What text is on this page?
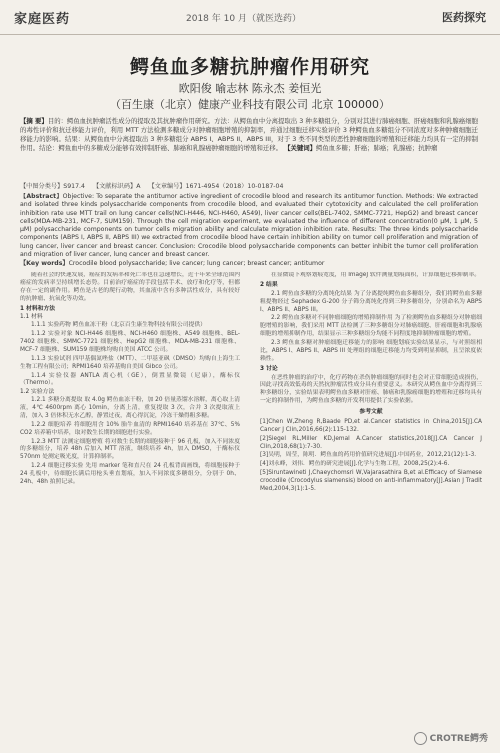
家庭医药	2018 年 10 月（就医选药）	医药探究
鳄鱼血多糖抗肿瘤作用研究
欧阳俊 喻志林 陈永杰 姜恒光
（百生康（北京）健康产业科技有限公司 北京 100000）
【摘 要】目的：鳄鱼血抗肿瘤活性成分的提取及其抗肿瘤作用研究。方法：从鳄鱼血中分离提取出 3 种多糖组分，分别对其进行肺癌细胞、肝癌细胞和乳腺癌细胞的毒性评价和抗迁移能力评价，利用 MTT 方法检测多糖成分对肿瘤细胞增殖的抑制率，并通过细胞迁移实验评价 3 种鳄鱼血多糖组分不同浓度对多种肿瘤细胞迁移能力的影响。结果：从鳄鱼血中分离提取出 3 种多糖组分 ABPS I、ABPS II、ABPS III，对于 3 类不同类型的恶性肿瘤细胞的增殖和迁移能力均具有一定的抑制作用。结论：鳄鱼血中的多糖成分能够有效抑制肝癌、肺癌和乳腺癌肿瘤细胞的增殖和迁移。 【关键词】鳄鱼血多糖；肝癌；肺癌；乳腺癌；抗肿瘤
【中图分类号】S917.4 【文献标识码】A 【文章编号】1671-4954（2018）10-0187-04
【Abstract】Objective: To separate the antitumor active ingredient of crocodile blood and research its antitumor function. Methods: We extracted and isolated three kinds polysaccharide components from crocodile blood, and evaluated their cytotoxicity and calculated the cell proliferation inhibition rate use MTT trail on lung cancer cells(NCI-H446, NCI-H460, A549), liver cancer cells(BEL-7402, SMMC-7721, HepG2) and breast cancer cells(MDA-MB-231, MCF-7, SUM159). Through the cell migration experiment, we evaluated the influence of different concentration(0 μM, 1 μM, 5 μM) polysaccharide components on tumor cells migration ability and calculate migration inhibition rate. Results: The three kinds polysaccharide components (ABPS I, ABPS II, ABPS III) we extracted from crocodile blood have certain inhibition ability on tumor cell proliferation and migration of lung cancer, liver cancer and breast cancer. Conclusion: Crocodile blood polysaccharide components can better inhibit the tumor cell proliferation and migration of liver cancer, lung cancer and breast cancer.
【Key words】Crocodile blood polysaccharide; live cancer; lung cancer; breast cancer; antitumor

随着社会的快速发展，癌症的发病率和死亡率也在急速增长，近十年来全球范围内癌症的发病率呈持续增长态势。目前治疗癌症的手段包括手术、放疗和化疗等，但都存在一定的副作用。鳄鱼是古老的爬行动物，其血液中含有多种活性成分，具有较好的抗肿瘤、抗氧化等功效。

1 材料和方法
1.1 材料

1.1.1 实验药物 鳄鱼血冻干粉（北京百生康生物科技有限公司提供）

1.1.2 实验对象 NCI-H446 细胞株、NCI-H460 细胞株、A549 细胞株、BEL-7402 细胞株、SMMC-7721 细胞株、HepG2 细胞株、MDA-MB-231 细胞株、MCF-7 细胞株、SUM159 细胞株均购自美国 ATCC 公司。

1.1.3 实验试剂 四甲基偶氮唑盐（MTT）、二甲基亚砜（DMSO）均购自上海生工生物工程有限公司；RPMI1640 培养基购自美国 Gibco 公司。

1.1.4 实验仪器 ANTLA 离心机（GE），倒置显微镜（尼康），酶标仪（Thermo）。

1.2 实验方法

1.2.1 多糖分离提取 取 4.0g 鳄鱼血冻干粉，加 20 倍量蒸馏水溶解，离心取上清液，4℃ 4600rpm 离心 10min，分离上清，重复提取 3 次，合并 3 次提取液上清，加入 3 倍体积无水乙醇，静置过夜，离心得沉淀，冷冻干燥得粗多糖。

1.2.2 细胞培养 将细胞用含 10% 胎牛血清的 RPMI1640 培养基在 37℃、5% CO2 培养箱中培养，取对数生长期的细胞进行实验。

1.2.3 MTT 法测定细胞增殖 将对数生长期的细胞接种于 96 孔板，加入不同浓度的多糖组分，培养 48h 后加入 MTT 溶液，继续培养 4h，加入 DMSO，于酶标仪 570nm 处测定吸光度，计算抑制率。

1.2.4 细胞迁移实验 先用 marker 笔和直尺在 24 孔板背面画线，将细胞接种于 24 孔板中，待细胞长满后用枪头垂直划痕，加入不同浓度多糖组分，分别于 0h、24h、48h 拍照记录。

在显微镜下观察划痕宽度，用 ImageJ 软件测量划痕面积，计算细胞迁移抑制率。

2 结果

2.1 鳄鱼血多糖的分离纯化结果 为了分离提纯鳄鱼血多糖组分，我们将鳄鱼血多糖粗提物经过 Sephadex G-200 分子筛分离纯化得到三种多糖组分，分别命名为 ABPS I、ABPS II、ABPS III。

2.2 鳄鱼血多糖对不同肿瘤细胞的增殖抑制作用 为了检测鳄鱼血多糖组分对肿瘤细胞增殖的影响，我们采用 MTT 法检测了三种多糖组分对肺癌细胞、肝癌细胞和乳腺癌细胞的增殖抑制作用，结果显示三种多糖组分均能不同程度地抑制肿瘤细胞的增殖。

2.3 鳄鱼血多糖对肿瘤细胞迁移能力的影响 细胞划痕实验结果显示，与对照组相比，ABPS I、ABPS II、ABPS III 处理组的细胞迁移能力均受到明显抑制，且呈浓度依赖性。

3 讨论

在恶性肿瘤的治疗中，化疗药物在杀伤肿瘤细胞的同时也会对正常细胞造成损伤，因此寻找高效低毒的天然抗肿瘤活性成分具有重要意义。本研究从鳄鱼血中分离得到三种多糖组分，实验结果表明鳄鱼血多糖对肝癌、肺癌和乳腺癌细胞的增殖和迁移均具有一定的抑制作用，为鳄鱼血多糖的开发利用提供了实验依据。

参考文献

[1]Chen W,Zheng R,Baade PD,et al.Cancer statistics in China,2015[J].CA Cancer J Clin,2016,66(2):115-132.

[2]Siegel RL,Miller KD,Jemal A.Cancer statistics,2018[J].CA Cancer J Clin,2018,68(1):7-30.

[3]吴明，周莹，陈明．鳄鱼血的药用价值研究进展[J].中国药业，2012,21(12):1-3.

[4]刘永峰，刘伟．鳄鱼的研究进展[J].化学与生物工程，2008,25(2):4-6.

[5]Siruntawineti J,Chaeychomsri W,Vajarasathira B,et al.Efficacy of Siamese crocodile (Crocodylus siamensis) blood on anti-inflammatory[J].Asian J Tradit Med,2004,3(1):1-5.

CROTRE鳄秀
